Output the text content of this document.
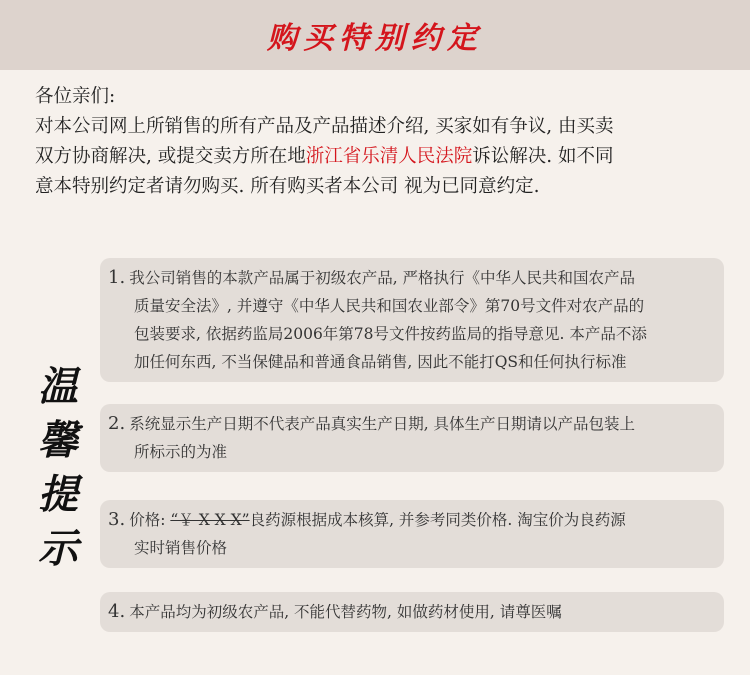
购买特别约定
各位亲们:
对本公司网上所销售的所有产品及产品描述介绍, 买家如有争议, 由买卖
双方协商解决, 或提交卖方所在地浙江省乐清人民法院诉讼解决. 如不同
意本特别约定者请勿购买. 所有购买者本公司 视为已同意约定.
温
馨
提
示
1. 我公司销售的本款产品属于初级农产品, 严格执行《中华人民共和国农产品
质量安全法》, 并遵守《中华人民共和国农业部令》第70号文件对农产品的
包装要求, 依据药监局2006年第78号文件按药监局的指导意见. 本产品不添
加任何东西, 不当保健品和普通食品销售, 因此不能打QS和任何执行标准
2. 系统显示生产日期不代表产品真实生产日期, 具体生产日期请以产品包装上
所标示的为准
3. 价格: “￥ X X X”良药源根据成本核算, 并参考同类价格. 淘宝价为良药源
实时销售价格
4. 本产品均为初级农产品, 不能代替药物, 如做药材使用, 请尊医嘱
